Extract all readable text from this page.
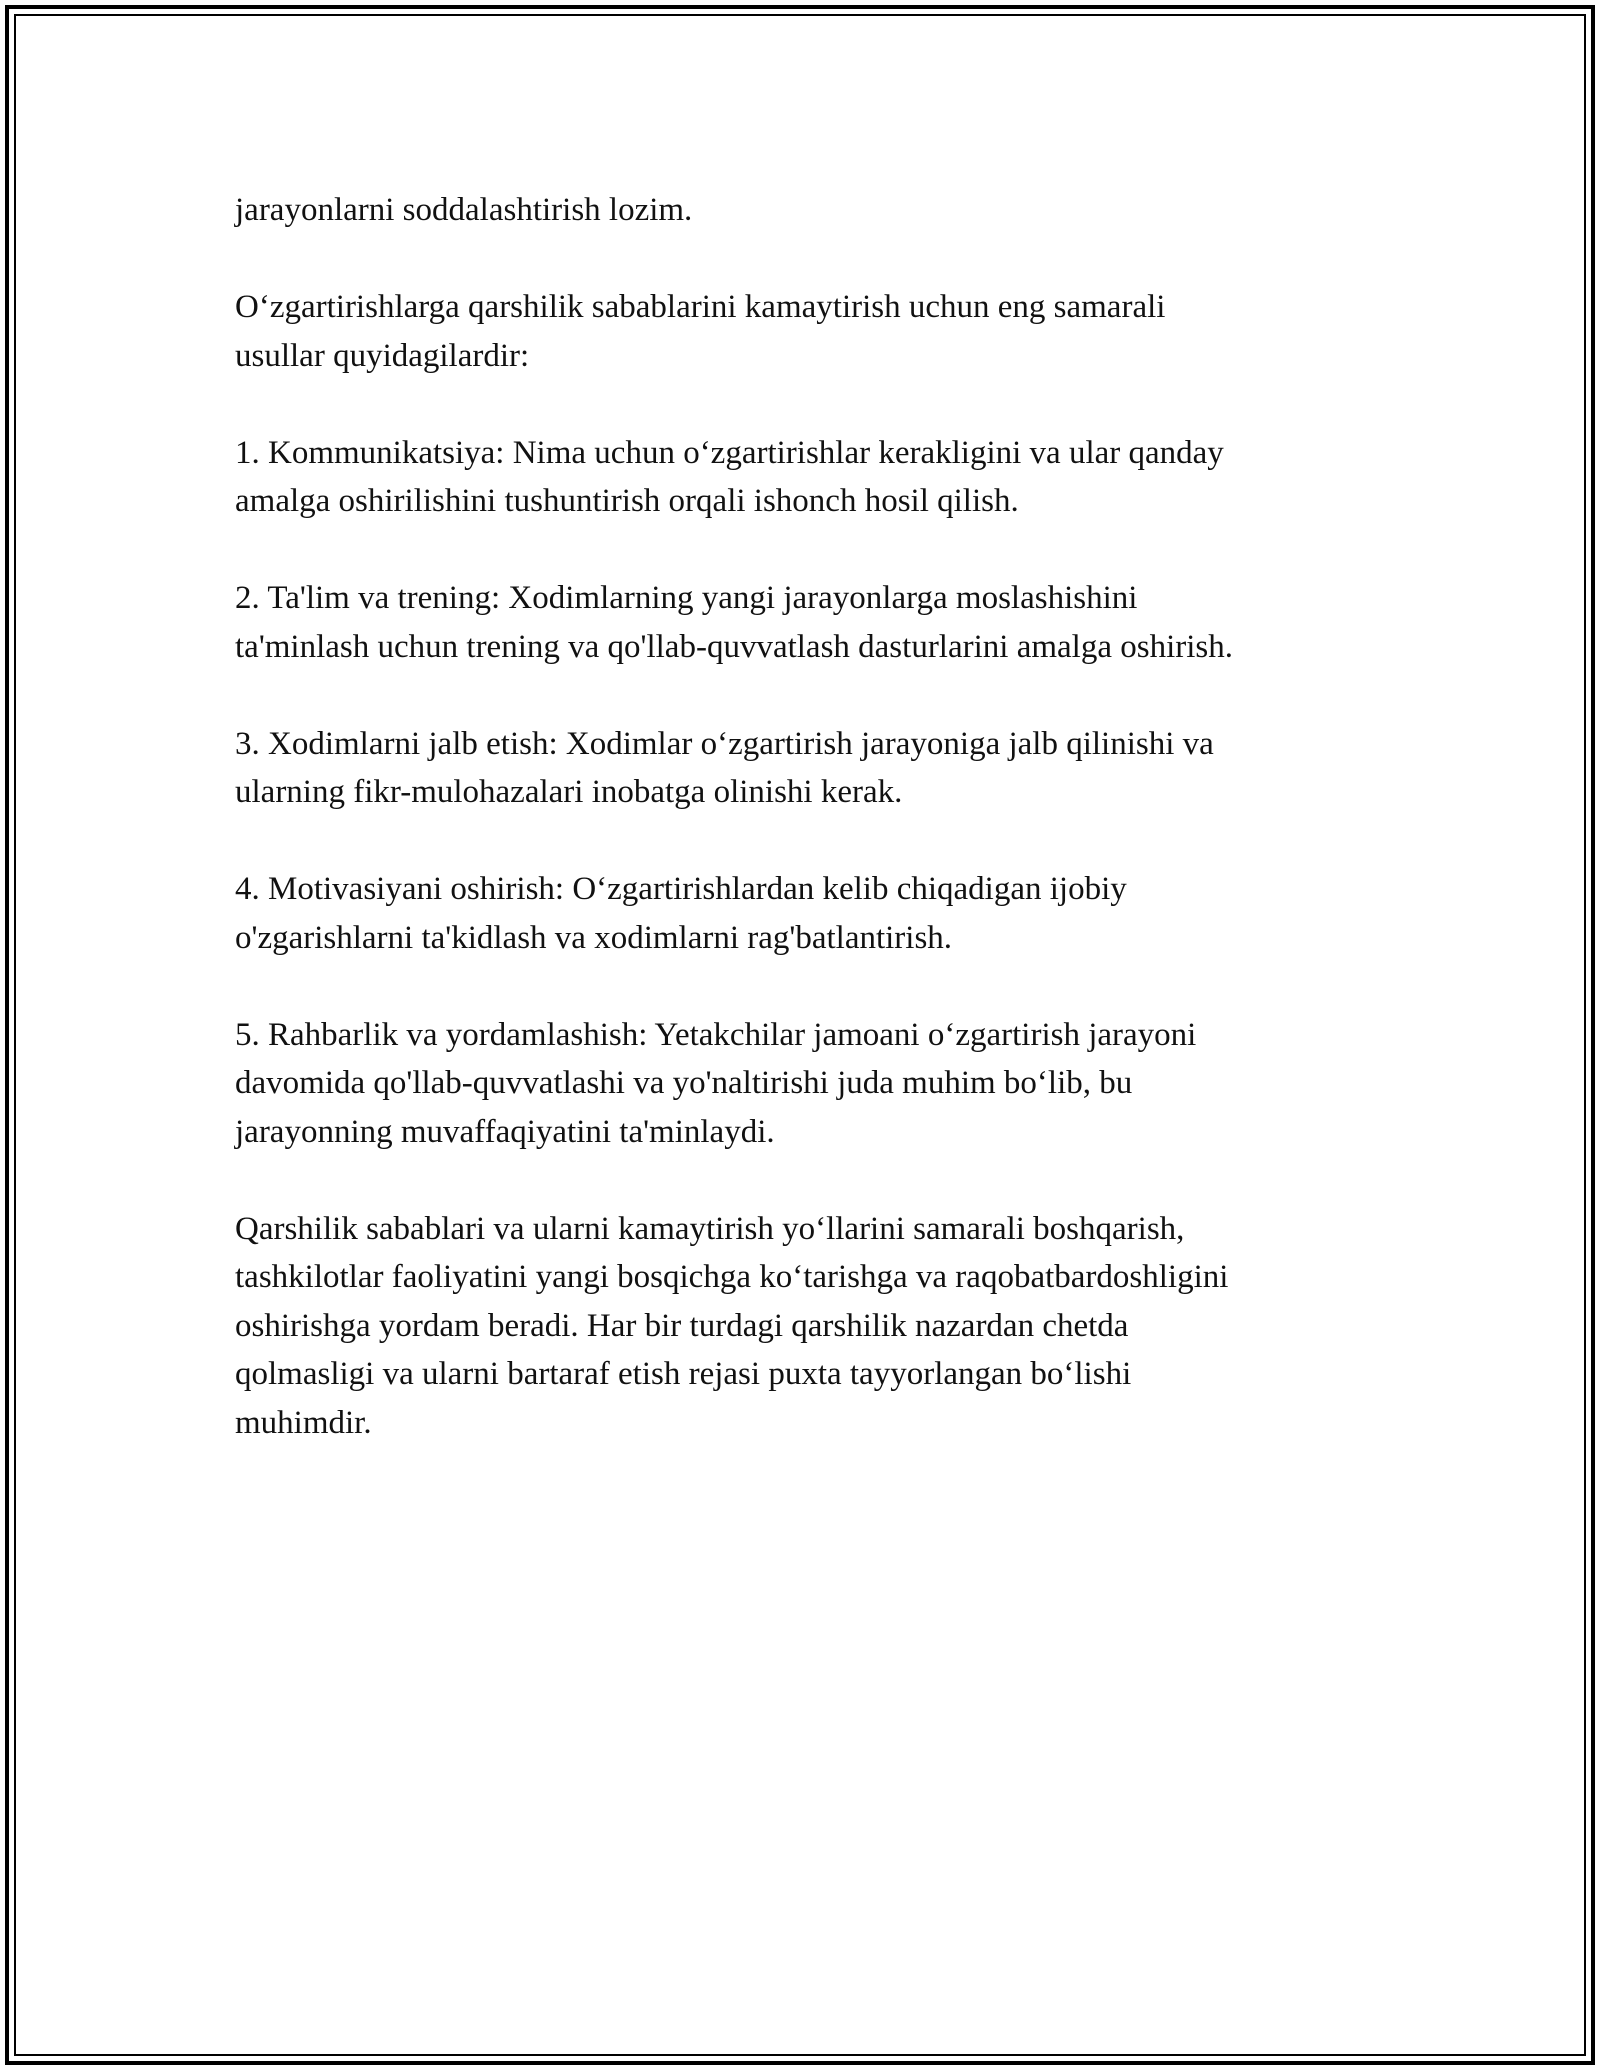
jarayonlarni soddalashtirish lozim.

O‘zgartirishlarga qarshilik sabablarini kamaytirish uchun eng samarali
usullar quyidagilardir:

1. Kommunikatsiya: Nima uchun o‘zgartirishlar kerakligini va ular qanday
amalga oshirilishini tushuntirish orqali ishonch hosil qilish.

2. Ta'lim va trening: Xodimlarning yangi jarayonlarga moslashishini
ta'minlash uchun trening va qo'llab-quvvatlash dasturlarini amalga oshirish.

3. Xodimlarni jalb etish: Xodimlar o‘zgartirish jarayoniga jalb qilinishi va
ularning fikr-mulohazalari inobatga olinishi kerak.

4. Motivasiyani oshirish: O‘zgartirishlardan kelib chiqadigan ijobiy
o'zgarishlarni ta'kidlash va xodimlarni rag'batlantirish.

5. Rahbarlik va yordamlashish: Yetakchilar jamoani o‘zgartirish jarayoni
davomida qo'llab-quvvatlashi va yo'naltirishi juda muhim bo‘lib, bu
jarayonning muvaffaqiyatini ta'minlaydi.

Qarshilik sabablari va ularni kamaytirish yo‘llarini samarali boshqarish,
tashkilotlar faoliyatini yangi bosqichga ko‘tarishga va raqobatbardoshligini
oshirishga yordam beradi. Har bir turdagi qarshilik nazardan chetda
qolmasligi va ularni bartaraf etish rejasi puxta tayyorlangan bo‘lishi
muhimdir.
